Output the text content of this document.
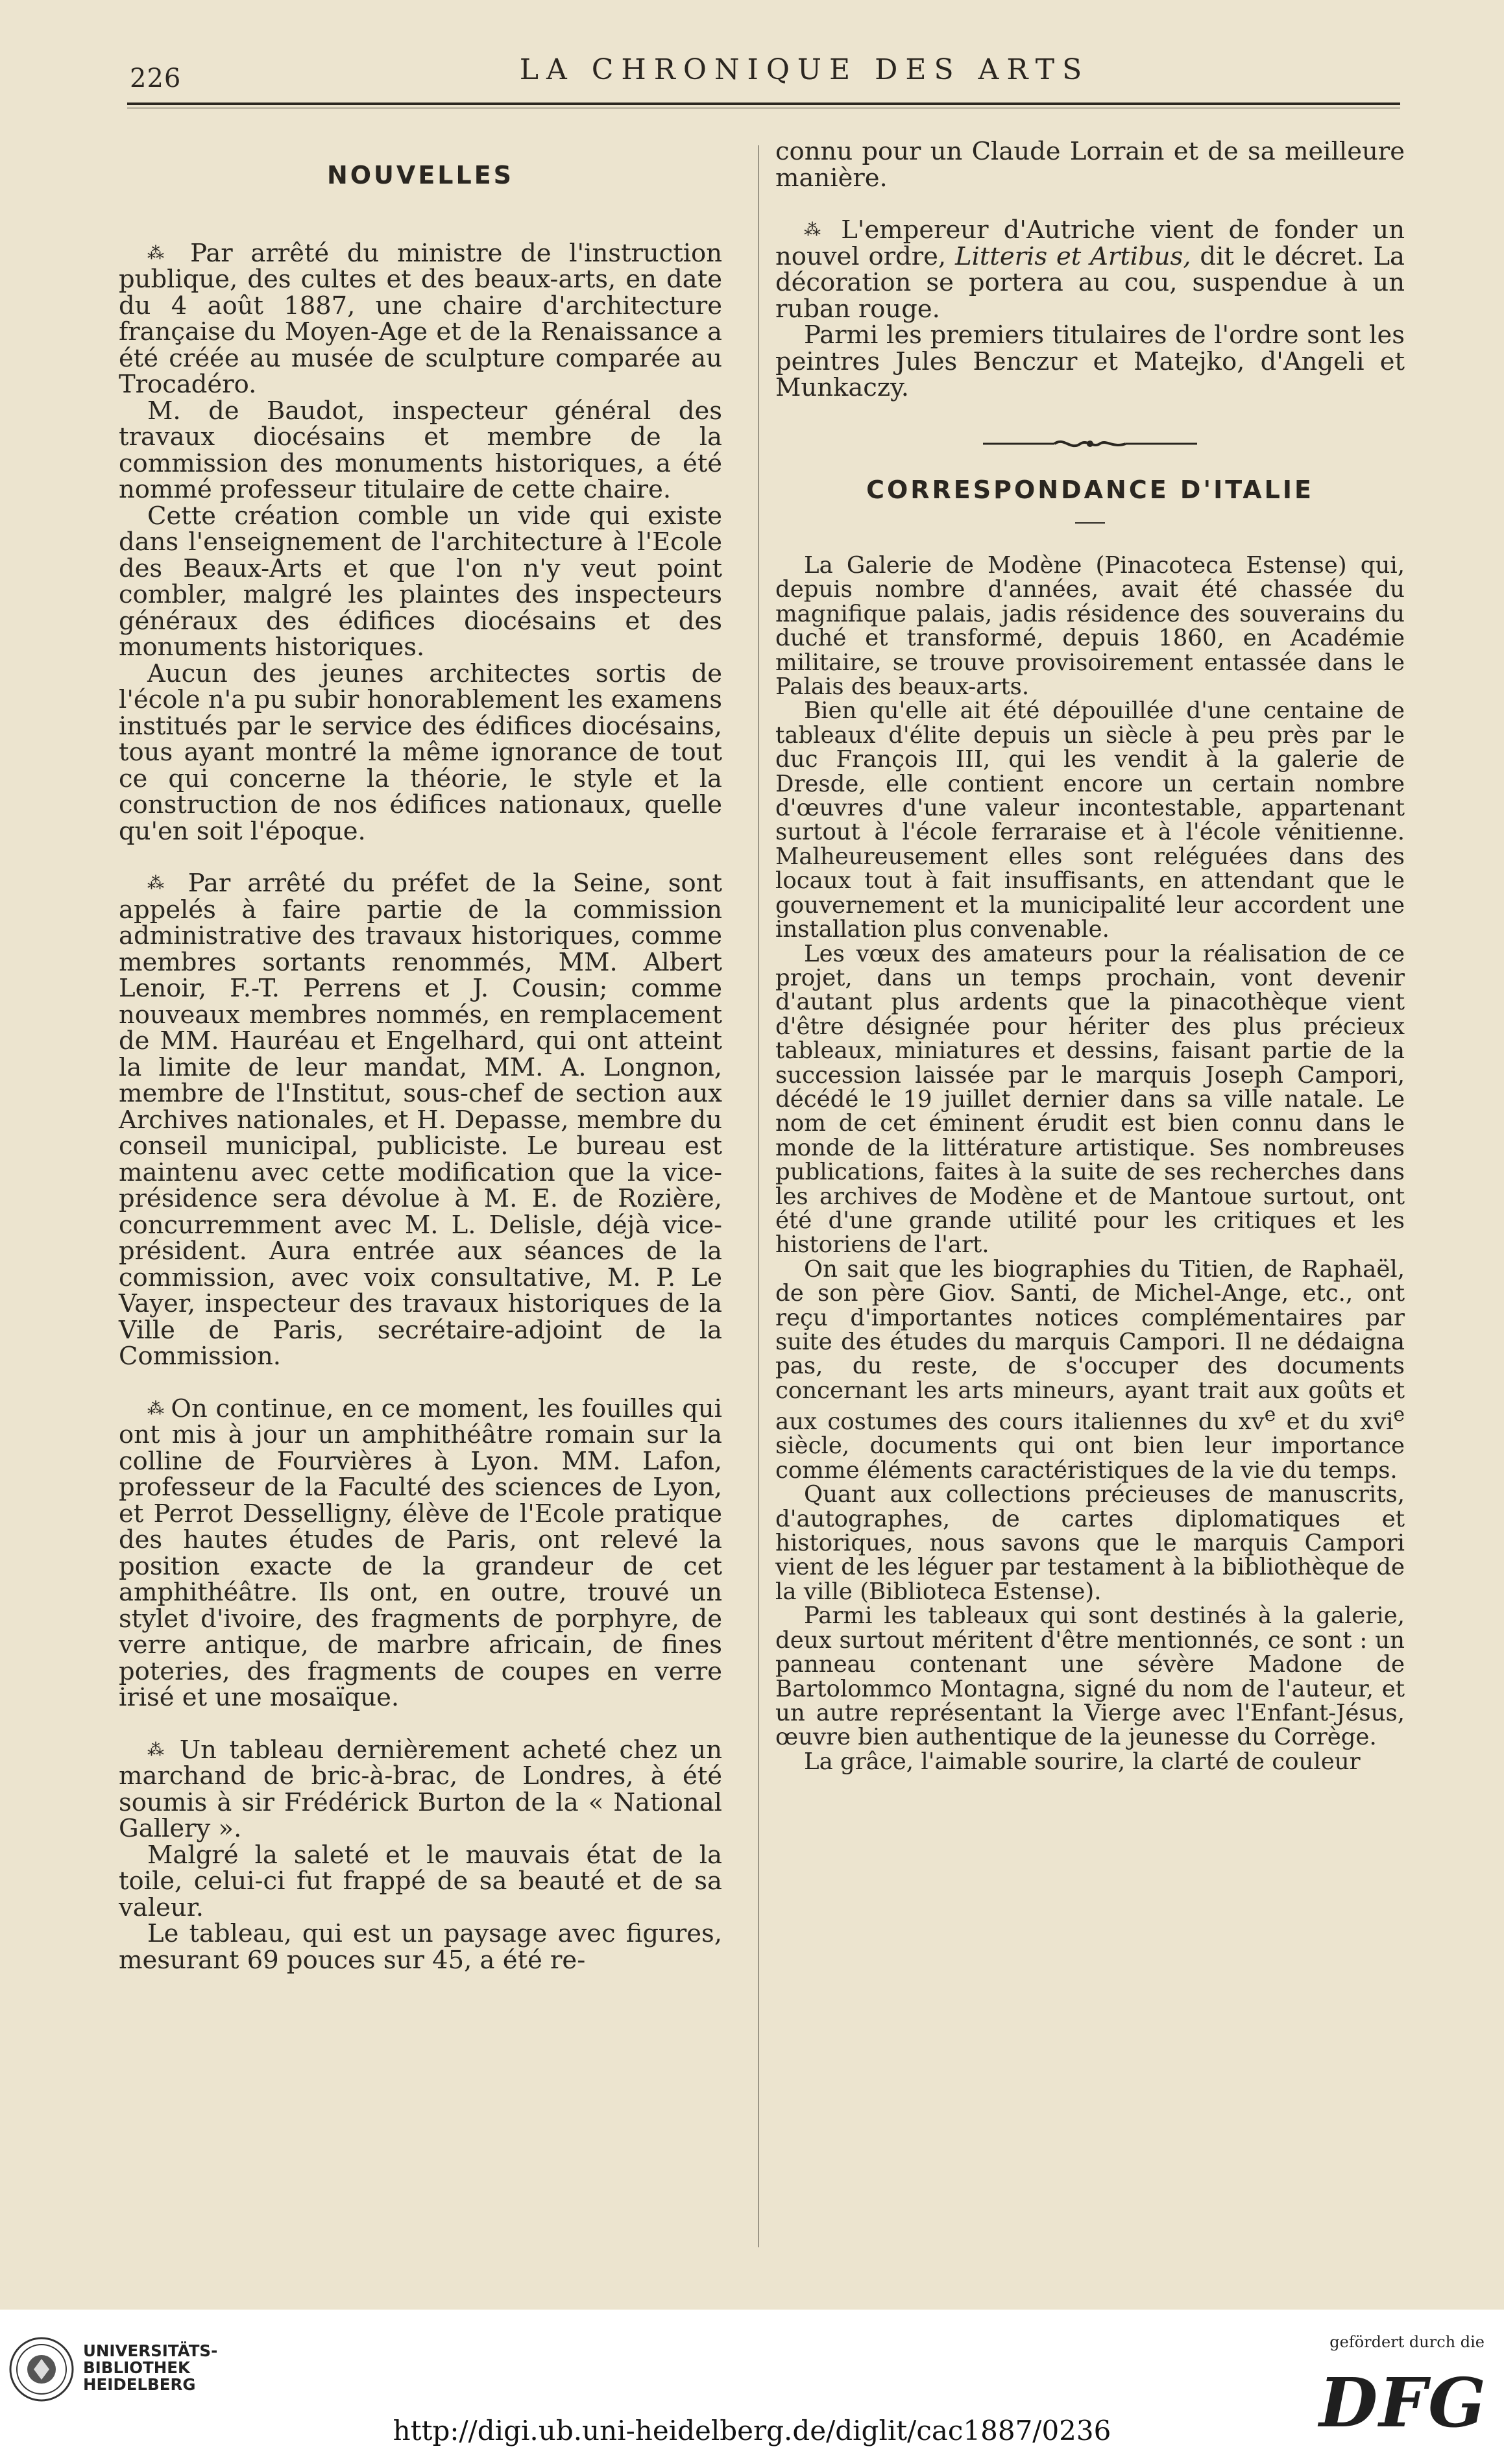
226	LA CHRONIQUE DES ARTS

NOUVELLES

⁂ Par arrêté du ministre de l'instruction publique, des cultes et des beaux-arts, en date du 4 août 1887, une chaire d'architecture française du Moyen-Age et de la Renaissance a été créée au musée de sculpture comparée au Trocadéro.

M. de Baudot, inspecteur général des travaux diocésains et membre de la commission des monuments historiques, a été nommé professeur titulaire de cette chaire.

Cette création comble un vide qui existe dans l'enseignement de l'architecture à l'Ecole des Beaux-Arts et que l'on n'y veut point combler, malgré les plaintes des inspecteurs généraux des édifices diocésains et des monuments historiques.

Aucun des jeunes architectes sortis de l'école n'a pu subir honorablement les examens institués par le service des édifices diocésains, tous ayant montré la même ignorance de tout ce qui concerne la théorie, le style et la construction de nos édifices nationaux, quelle qu'en soit l'époque.

⁂ Par arrêté du préfet de la Seine, sont appelés à faire partie de la commission administrative des travaux historiques, comme membres sortants renommés, MM. Albert Lenoir, F.-T. Perrens et J. Cousin; comme nouveaux membres nommés, en remplacement de MM. Hauréau et Engelhard, qui ont atteint la limite de leur mandat, MM. A. Longnon, membre de l'Institut, sous-chef de section aux Archives nationales, et H. Depasse, membre du conseil municipal, publiciste. Le bureau est maintenu avec cette modification que la vice-présidence sera dévolue à M. E. de Rozière, concurremment avec M. L. Delisle, déjà vice-président. Aura entrée aux séances de la commission, avec voix consultative, M. P. Le Vayer, inspecteur des travaux historiques de la Ville de Paris, secrétaire-adjoint de la Commission.

⁂ On continue, en ce moment, les fouilles qui ont mis à jour un amphithéâtre romain sur la colline de Fourvières à Lyon. MM. Lafon, professeur de la Faculté des sciences de Lyon, et Perrot Desselligny, élève de l'Ecole pratique des hautes études de Paris, ont relevé la position exacte de la grandeur de cet amphithéâtre. Ils ont, en outre, trouvé un stylet d'ivoire, des fragments de porphyre, de verre antique, de marbre africain, de fines poteries, des fragments de coupes en verre irisé et une mosaïque.

⁂ Un tableau dernièrement acheté chez un marchand de bric-à-brac, de Londres, à été soumis à sir Frédérick Burton de la « National Gallery ».

Malgré la saleté et le mauvais état de la toile, celui-ci fut frappé de sa beauté et de sa valeur.

Le tableau, qui est un paysage avec figures, mesurant 69 pouces sur 45, a été re-

connu pour un Claude Lorrain et de sa meilleure manière.

⁂ L'empereur d'Autriche vient de fonder un nouvel ordre, Litteris et Artibus, dit le décret. La décoration se portera au cou, suspendue à un ruban rouge.

Parmi les premiers titulaires de l'ordre sont les peintres Jules Benczur et Matejko, d'Angeli et Munkaczy.

CORRESPONDANCE D'ITALIE

La Galerie de Modène (Pinacoteca Estense) qui, depuis nombre d'années, avait été chassée du magnifique palais, jadis résidence des souverains du duché et transformé, depuis 1860, en Académie militaire, se trouve provisoirement entassée dans le Palais des beaux-arts.

Bien qu'elle ait été dépouillée d'une centaine de tableaux d'élite depuis un siècle à peu près par le duc François III, qui les vendit à la galerie de Dresde, elle contient encore un certain nombre d'œuvres d'une valeur incontestable, appartenant surtout à l'école ferraraise et à l'école vénitienne. Malheureusement elles sont reléguées dans des locaux tout à fait insuffisants, en attendant que le gouvernement et la municipalité leur accordent une installation plus convenable.

Les vœux des amateurs pour la réalisation de ce projet, dans un temps prochain, vont devenir d'autant plus ardents que la pinacothèque vient d'être désignée pour hériter des plus précieux tableaux, miniatures et dessins, faisant partie de la succession laissée par le marquis Joseph Campori, décédé le 19 juillet dernier dans sa ville natale. Le nom de cet éminent érudit est bien connu dans le monde de la littérature artistique. Ses nombreuses publications, faites à la suite de ses recherches dans les archives de Modène et de Mantoue surtout, ont été d'une grande utilité pour les critiques et les historiens de l'art.

On sait que les biographies du Titien, de Raphaël, de son père Giov. Santi, de Michel-Ange, etc., ont reçu d'importantes notices complémentaires par suite des études du marquis Campori. Il ne dédaigna pas, du reste, de s'occuper des documents concernant les arts mineurs, ayant trait aux goûts et aux costumes des cours italiennes du $xv^e$ et du xvi$^e$ siècle, documents qui ont bien leur importance comme éléments caractéristiques de la vie du temps.

Quant aux collections précieuses de manuscrits, d'autographes, de cartes diplomatiques et historiques, nous savons que le marquis Campori vient de les léguer par testament à la bibliothèque de la ville (Biblioteca Estense).

Parmi les tableaux qui sont destinés à la galerie, deux surtout méritent d'être mentionnés, ce sont : un panneau contenant une sévère Madone de Bartolommco Montagna, signé du nom de l'auteur, et un autre représentant la Vierge avec l'Enfant-Jésus, œuvre bien authentique de la jeunesse du Corrège.

La grâce, l'aimable sourire, la clarté de couleur

UNIVERSITÄTS-
BIBLIOTHEK
HEIDELBERG
http://digi.ub.uni-heidelberg.de/diglit/cac1887/0236
gefördert durch die
DFG
